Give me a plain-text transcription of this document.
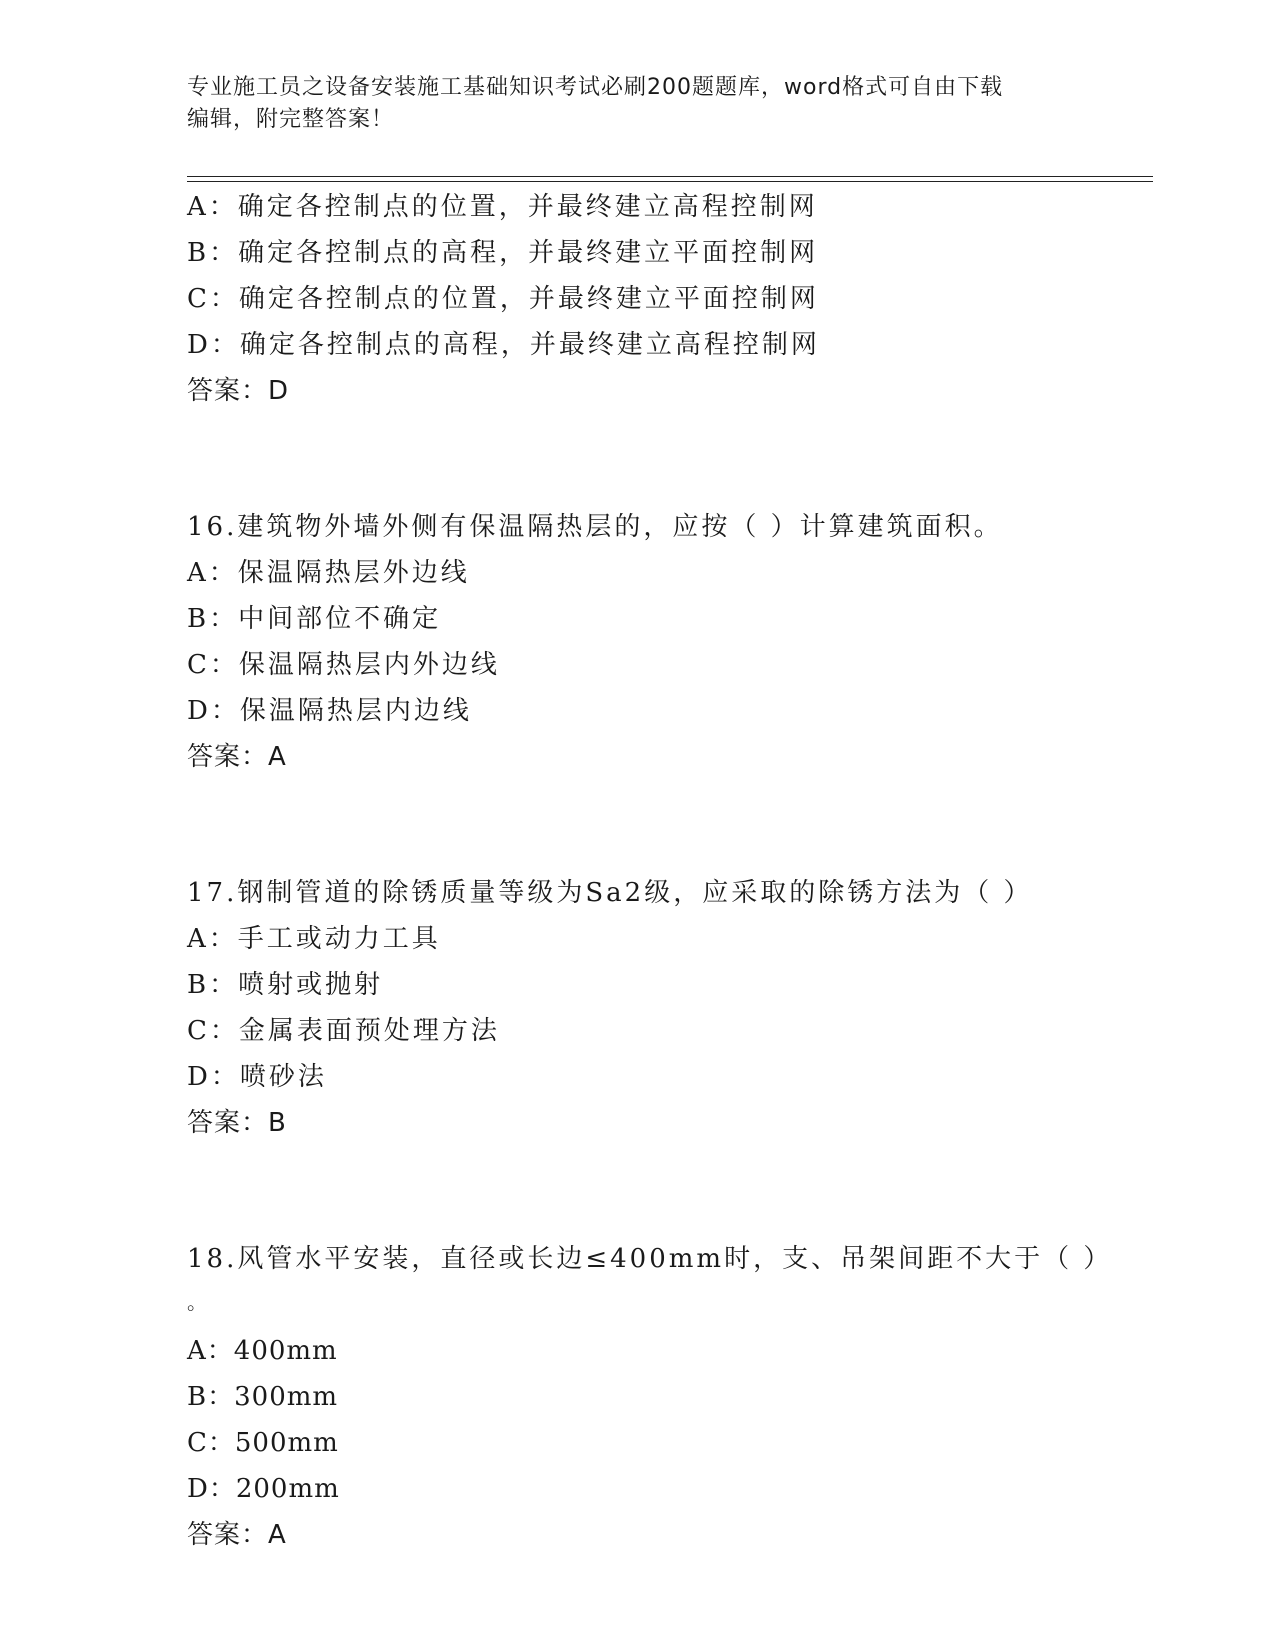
专业施工员之设备安装施工基础知识考试必刷200题题库，word格式可自由下载
编辑，附完整答案！
A：确定各控制点的位置，并最终建立高程控制网
B：确定各控制点的高程，并最终建立平面控制网
C：确定各控制点的位置，并最终建立平面控制网
D：确定各控制点的高程，并最终建立高程控制网
答案：D
16.建筑物外墙外侧有保温隔热层的，应按（ ）计算建筑面积。
A：保温隔热层外边线
B：中间部位不确定
C：保温隔热层内外边线
D：保温隔热层内边线
答案：A
17.钢制管道的除锈质量等级为Sa2级，应采取的除锈方法为（ ）
A：手工或动力工具
B：喷射或抛射
C：金属表面预处理方法
D：喷砂法
答案：B
18.风管水平安装，直径或长边≤400mm时，支、吊架间距不大于（ ）
。
A：400mm
B：300mm
C：500mm
D：200mm
答案：A
